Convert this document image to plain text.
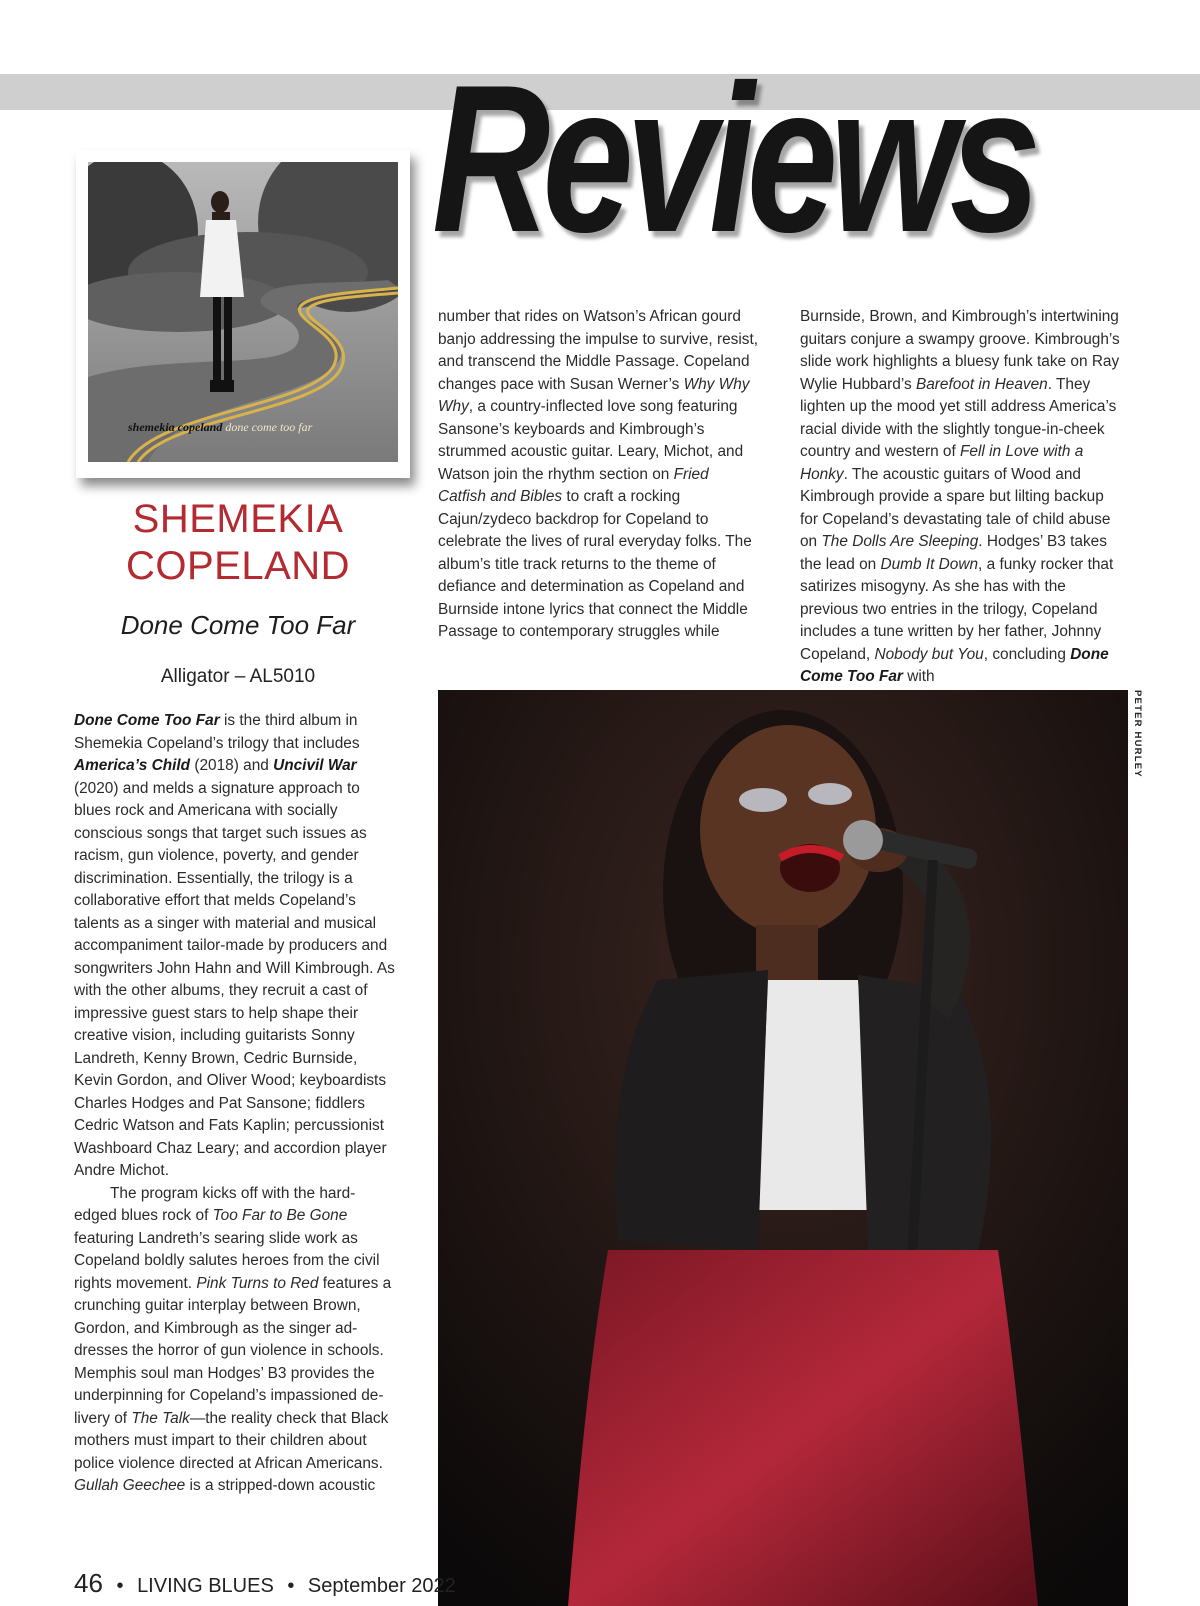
Reviews
shemekia copeland done come too far
SHEMEKIA
COPELAND
Done Come Too Far
Alligator – AL5010

Done Come Too Far is the third album in Shemekia Copeland’s trilogy that includes America’s Child (2018) and Uncivil War (2020) and melds a signature approach to blues rock and Americana with socially conscious songs that target such issues as racism, gun violence, poverty, and gender discrimination. Essentially, the trilogy is a collaborative effort that melds Copeland’s talents as a singer with material and musical accompaniment tailor-made by producers and songwriters John Hahn and Will Kimbrough. As with the other albums, they recruit a cast of impressive guest stars to help shape their creative vision, including guitarists Sonny Landreth, Kenny Brown, Cedric Burnside, Kevin Gordon, and Oliver Wood; keyboardists Charles Hodges and Pat Sansone; fiddlers Cedric Watson and Fats Kaplin; percussionist Washboard Chaz Leary; and accordion player Andre Michot.

The program kicks off with the hard-edged blues rock of Too Far to Be Gone featuring Landreth’s searing slide work as Copeland boldly salutes heroes from the civil rights movement. Pink Turns to Red features a crunching guitar interplay between Brown, Gordon, and Kimbrough as the singer addresses the horror of gun violence in schools. Memphis soul man Hodges’ B3 provides the underpinning for Copeland’s impassioned delivery of The Talk—the reality check that Black mothers must impart to their children about police violence directed at African Americans. Gullah Geechee is a stripped-down acoustic

number that rides on Watson’s African gourd banjo addressing the impulse to survive, resist, and transcend the Middle Passage. Copeland changes pace with Susan Werner’s Why Why Why, a country-inflected love song featuring Sansone’s keyboards and Kimbrough’s strummed acoustic guitar. Leary, Michot, and Watson join the rhythm section on Fried Catfish and Bibles to craft a rocking Cajun/zydeco backdrop for Copeland to celebrate the lives of rural everyday folks. The album’s title track returns to the theme of defiance and determination as Copeland and Burnside intone lyrics that connect the Middle Passage to contemporary struggles while

Burnside, Brown, and Kimbrough’s intertwining guitars conjure a swampy groove. Kimbrough’s slide work highlights a bluesy funk take on Ray Wylie Hubbard’s Barefoot in Heaven. They lighten up the mood yet still address America’s racial divide with the slightly tongue-in-cheek country and western of Fell in Love with a Honky. The acoustic guitars of Wood and Kimbrough provide a spare but lilting backup for Copeland’s devastating tale of child abuse on The Dolls Are Sleeping. Hodges’ B3 takes the lead on Dumb It Down, a funky rocker that satirizes misogyny. As she has with the previous two entries in the trilogy, Copeland includes a tune written by her father, Johnny Copeland, Nobody but You, concluding Done Come Too Far with

PETER HURLEY
46 • LIVING BLUES • September 2022
